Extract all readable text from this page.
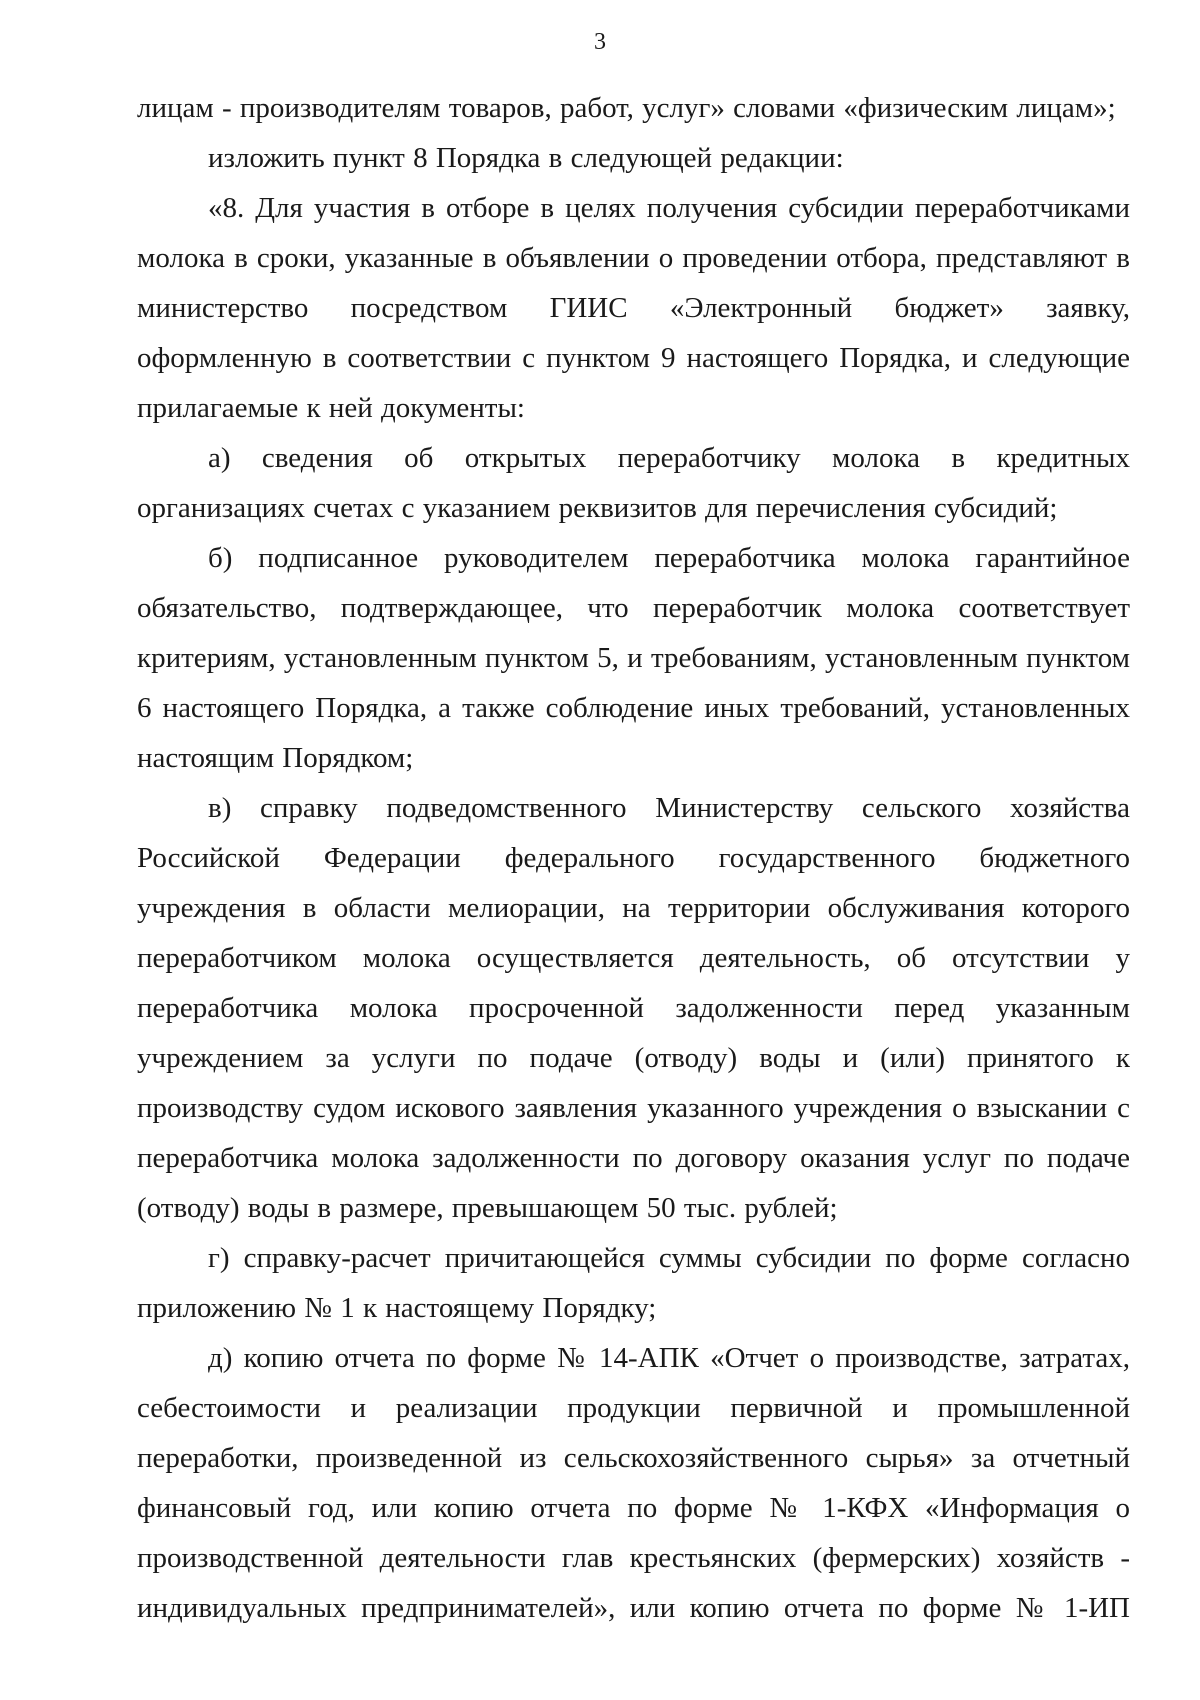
3

лицам - производителям товаров, работ, услуг» словами «физическим лицам»;

изложить пункт 8 Порядка в следующей редакции:

«8. Для участия в отборе в целях получения субсидии переработчиками молока в сроки, указанные в объявлении о проведении отбора, представляют в министерство посредством ГИИС «Электронный бюджет» заявку, оформленную в соответствии с пунктом 9 настоящего Порядка, и следующие прилагаемые к ней документы:

а) сведения об открытых переработчику молока в кредитных организациях счетах с указанием реквизитов для перечисления субсидий;

б) подписанное руководителем переработчика молока гарантийное обязательство, подтверждающее, что переработчик молока соответствует критериям, установленным пунктом 5, и требованиям, установленным пунктом 6 настоящего Порядка, а также соблюдение иных требований, установленных настоящим Порядком;

в) справку подведомственного Министерству сельского хозяйства Российской Федерации федерального государственного бюджетного учреждения в области мелиорации, на территории обслуживания которого переработчиком молока осуществляется деятельность, об отсутствии у переработчика молока просроченной задолженности перед указанным учреждением за услуги по подаче (отводу) воды и (или) принятого к производству судом искового заявления указанного учреждения о взыскании с переработчика молока задолженности по договору оказания услуг по подаче (отводу) воды в размере, превышающем 50 тыс. рублей;

г) справку-расчет причитающейся суммы субсидии по форме согласно приложению № 1 к настоящему Порядку;

д) копию отчета по форме № 14-АПК «Отчет о производстве, затратах, себестоимости и реализации продукции первичной и промышленной переработки, произведенной из сельскохозяйственного сырья» за отчетный финансовый год, или копию отчета по форме № 1-КФХ «Информация о производственной деятельности глав крестьянских (фермерских) хозяйств - индивидуальных предпринимателей», или копию отчета по форме № 1-ИП
